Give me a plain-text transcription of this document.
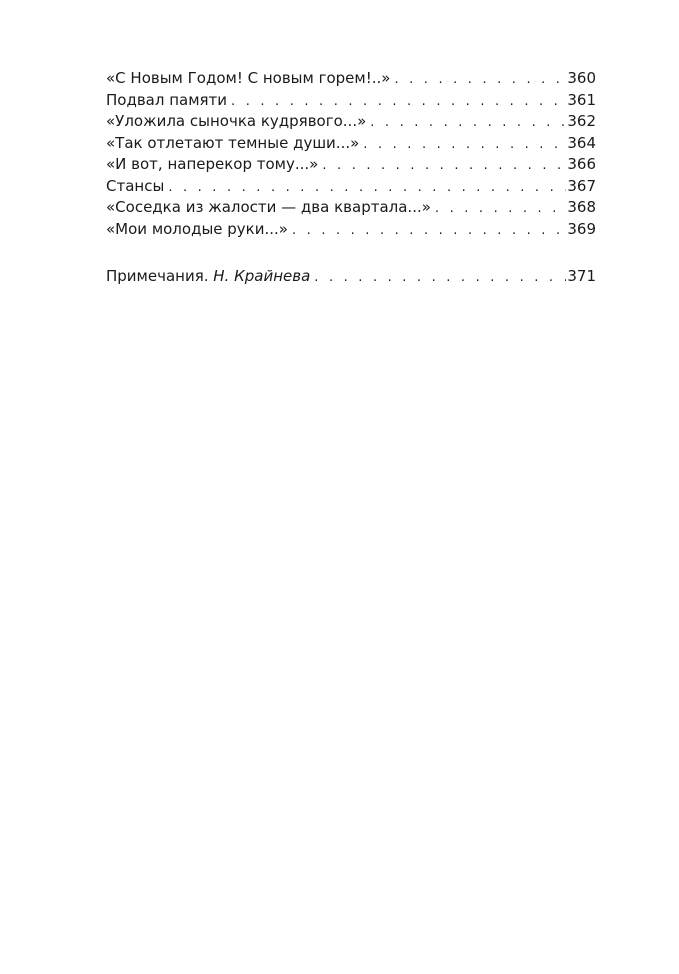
«С Новым Годом! С новым горем!..» . . .	360
Подвал памяти . . .	361
«Уложила сыночка кудрявого...» . . .	362
«Так отлетают темные души...» . . .	364
«И вот, наперекор тому...» . . .	366
Стансы . . .	367
«Соседка из жалости — два квартала...» . . .	368
«Мои молодые руки...» . . .	369
Примечания. Н. Крайнева . . .	371
